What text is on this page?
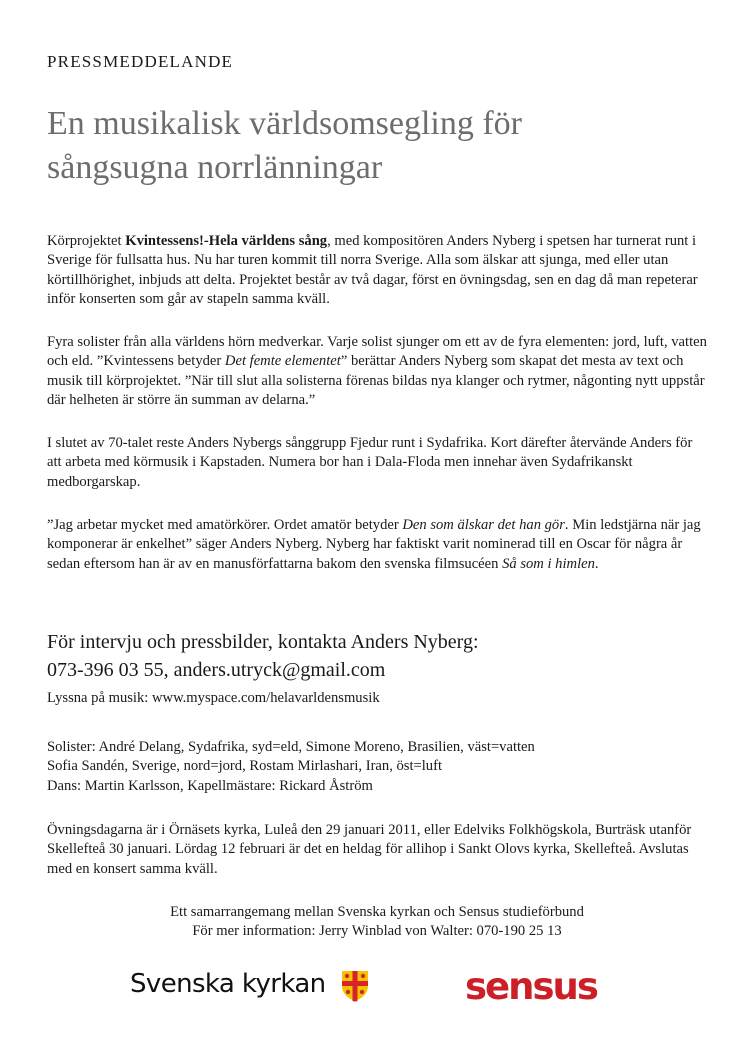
PRESSMEDDELANDE
En musikalisk världsomsegling för
sångsugna norrlänningar

Körprojektet Kvintessens!-Hela världens sång, med kompositören Anders Nyberg i spetsen har turnerat runt i Sverige för fullsatta hus. Nu har turen kommit till norra Sverige. Alla som älskar att sjunga, med eller utan körtillhörighet, inbjuds att delta. Projektet består av två dagar, först en övningsdag, sen en dag då man repeterar inför konserten som går av stapeln samma kväll.

Fyra solister från alla världens hörn medverkar. Varje solist sjunger om ett av de fyra elementen: jord, luft, vatten och eld. ”Kvintessens betyder Det femte elementet” berättar Anders Nyberg som skapat det mesta av text och musik till körprojektet. ”När till slut alla solisterna förenas bildas nya klanger och rytmer, någonting nytt uppstår där helheten är större än summan av delarna.”

I slutet av 70-talet reste Anders Nybergs sånggrupp Fjedur runt i Sydafrika. Kort därefter återvände Anders för att arbeta med körmusik i Kapstaden. Numera bor han i Dala-Floda men innehar även Sydafrikanskt medborgarskap.

”Jag arbetar mycket med amatörkörer. Ordet amatör betyder Den som älskar det han gör. Min ledstjärna när jag komponerar är enkelhet” säger Anders Nyberg. Nyberg har faktiskt varit nominerad till en Oscar för några år sedan eftersom han är av en manusförfattarna bakom den svenska filmsucéen Så som i himlen.

För intervju och pressbilder, kontakta Anders Nyberg:
073-396 03 55, anders.utryck@gmail.com
Lyssna på musik: www.myspace.com/helavarldensmusik

Solister: André Delang, Sydafrika, syd=eld, Simone Moreno, Brasilien, väst=vatten
Sofia Sandén, Sverige, nord=jord, Rostam Mirlashari, Iran, öst=luft
Dans: Martin Karlsson, Kapellmästare: Rickard Åström

Övningsdagarna är i Örnäsets kyrka, Luleå den 29 januari 2011, eller Edelviks Folkhögskola, Burträsk utanför Skellefteå 30 januari. Lördag 12 februari är det en heldag för allihop i Sankt Olovs kyrka, Skellefteå. Avslutas med en konsert samma kväll.

Ett samarrangemang mellan Svenska kyrkan och Sensus studieförbund
För mer information: Jerry Winblad von Walter: 070-190 25 13
Svenska kyrkan	sensus
